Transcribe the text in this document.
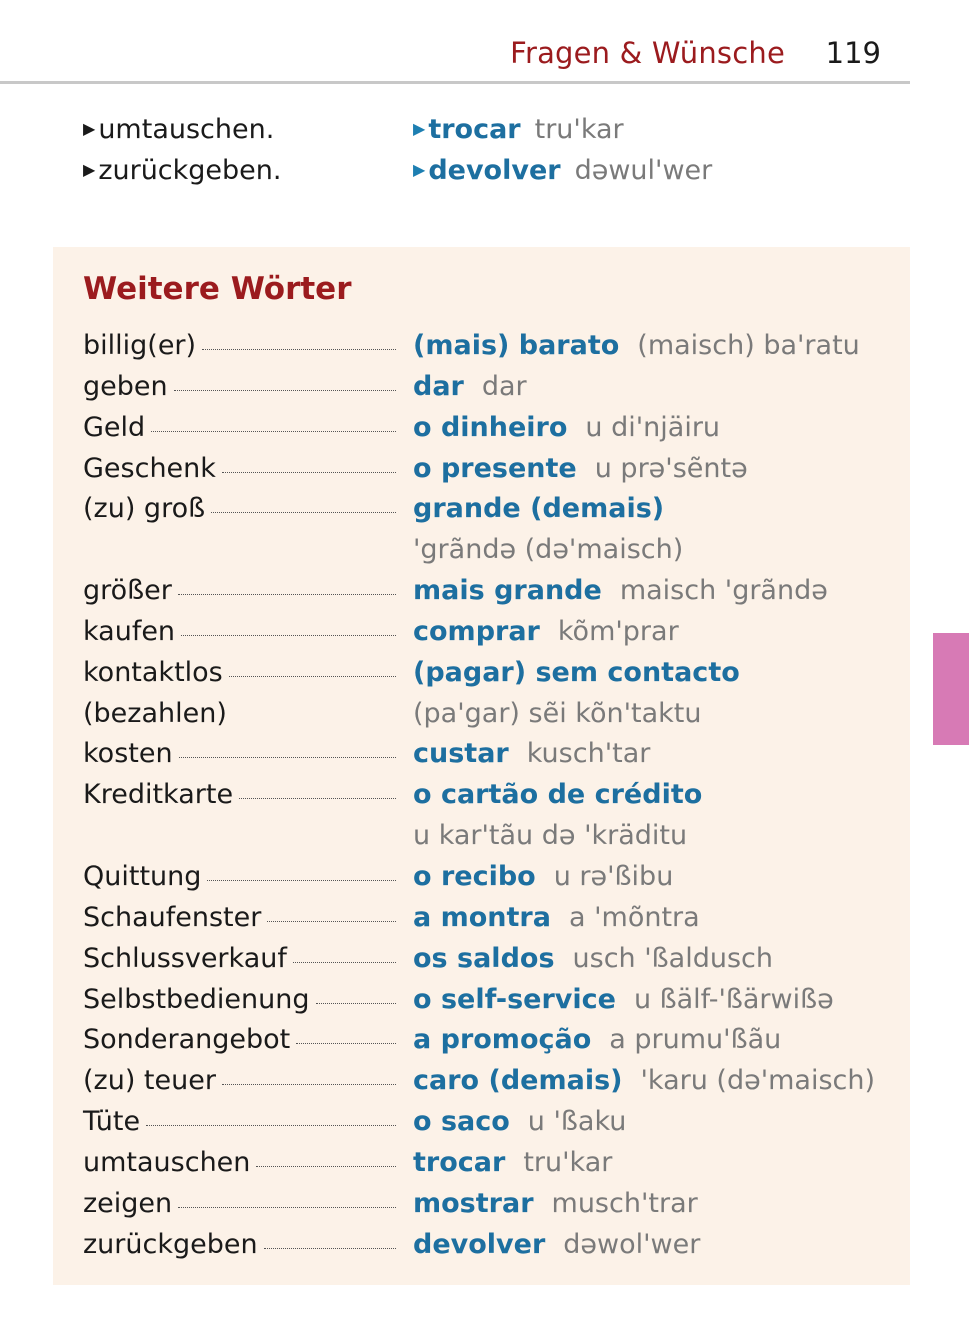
Fragen & Wünsche 119
▶ umtauschen.	▶ trocar tru'kar
▶ zurückgeben.	▶ devolver dəwul'wer
Weitere Wörter
billig(er)	(mais) barato (maisch) ba'ratu
geben	dar dar
Geld	o dinheiro u di'njäiru
Geschenk	o presente u prə'sẽntə
(zu) groß	grande (demais)
'grãndə (də'maisch)
größer	mais grande maisch 'grãndə
kaufen	comprar kõm'prar
kontaktlos	(pagar) sem contacto
(bezahlen)	(pa'gar) sẽi kõn'taktu
kosten	custar kusch'tar
Kreditkarte	o cartão de crédito
u kar'tãu də 'kräditu
Quittung	o recibo u rə'ßibu
Schaufenster	a montra a 'mõntra
Schlussverkauf	os saldos usch 'ßaldusch
Selbstbedienung	o self-service u ßälf-'ßärwißə
Sonderangebot	a promoção a prumu'ßãu
(zu) teuer	caro (demais) 'karu (də'maisch)
Tüte	o saco u 'ßaku
umtauschen	trocar tru'kar
zeigen	mostrar musch'trar
zurückgeben	devolver dəwol'wer
